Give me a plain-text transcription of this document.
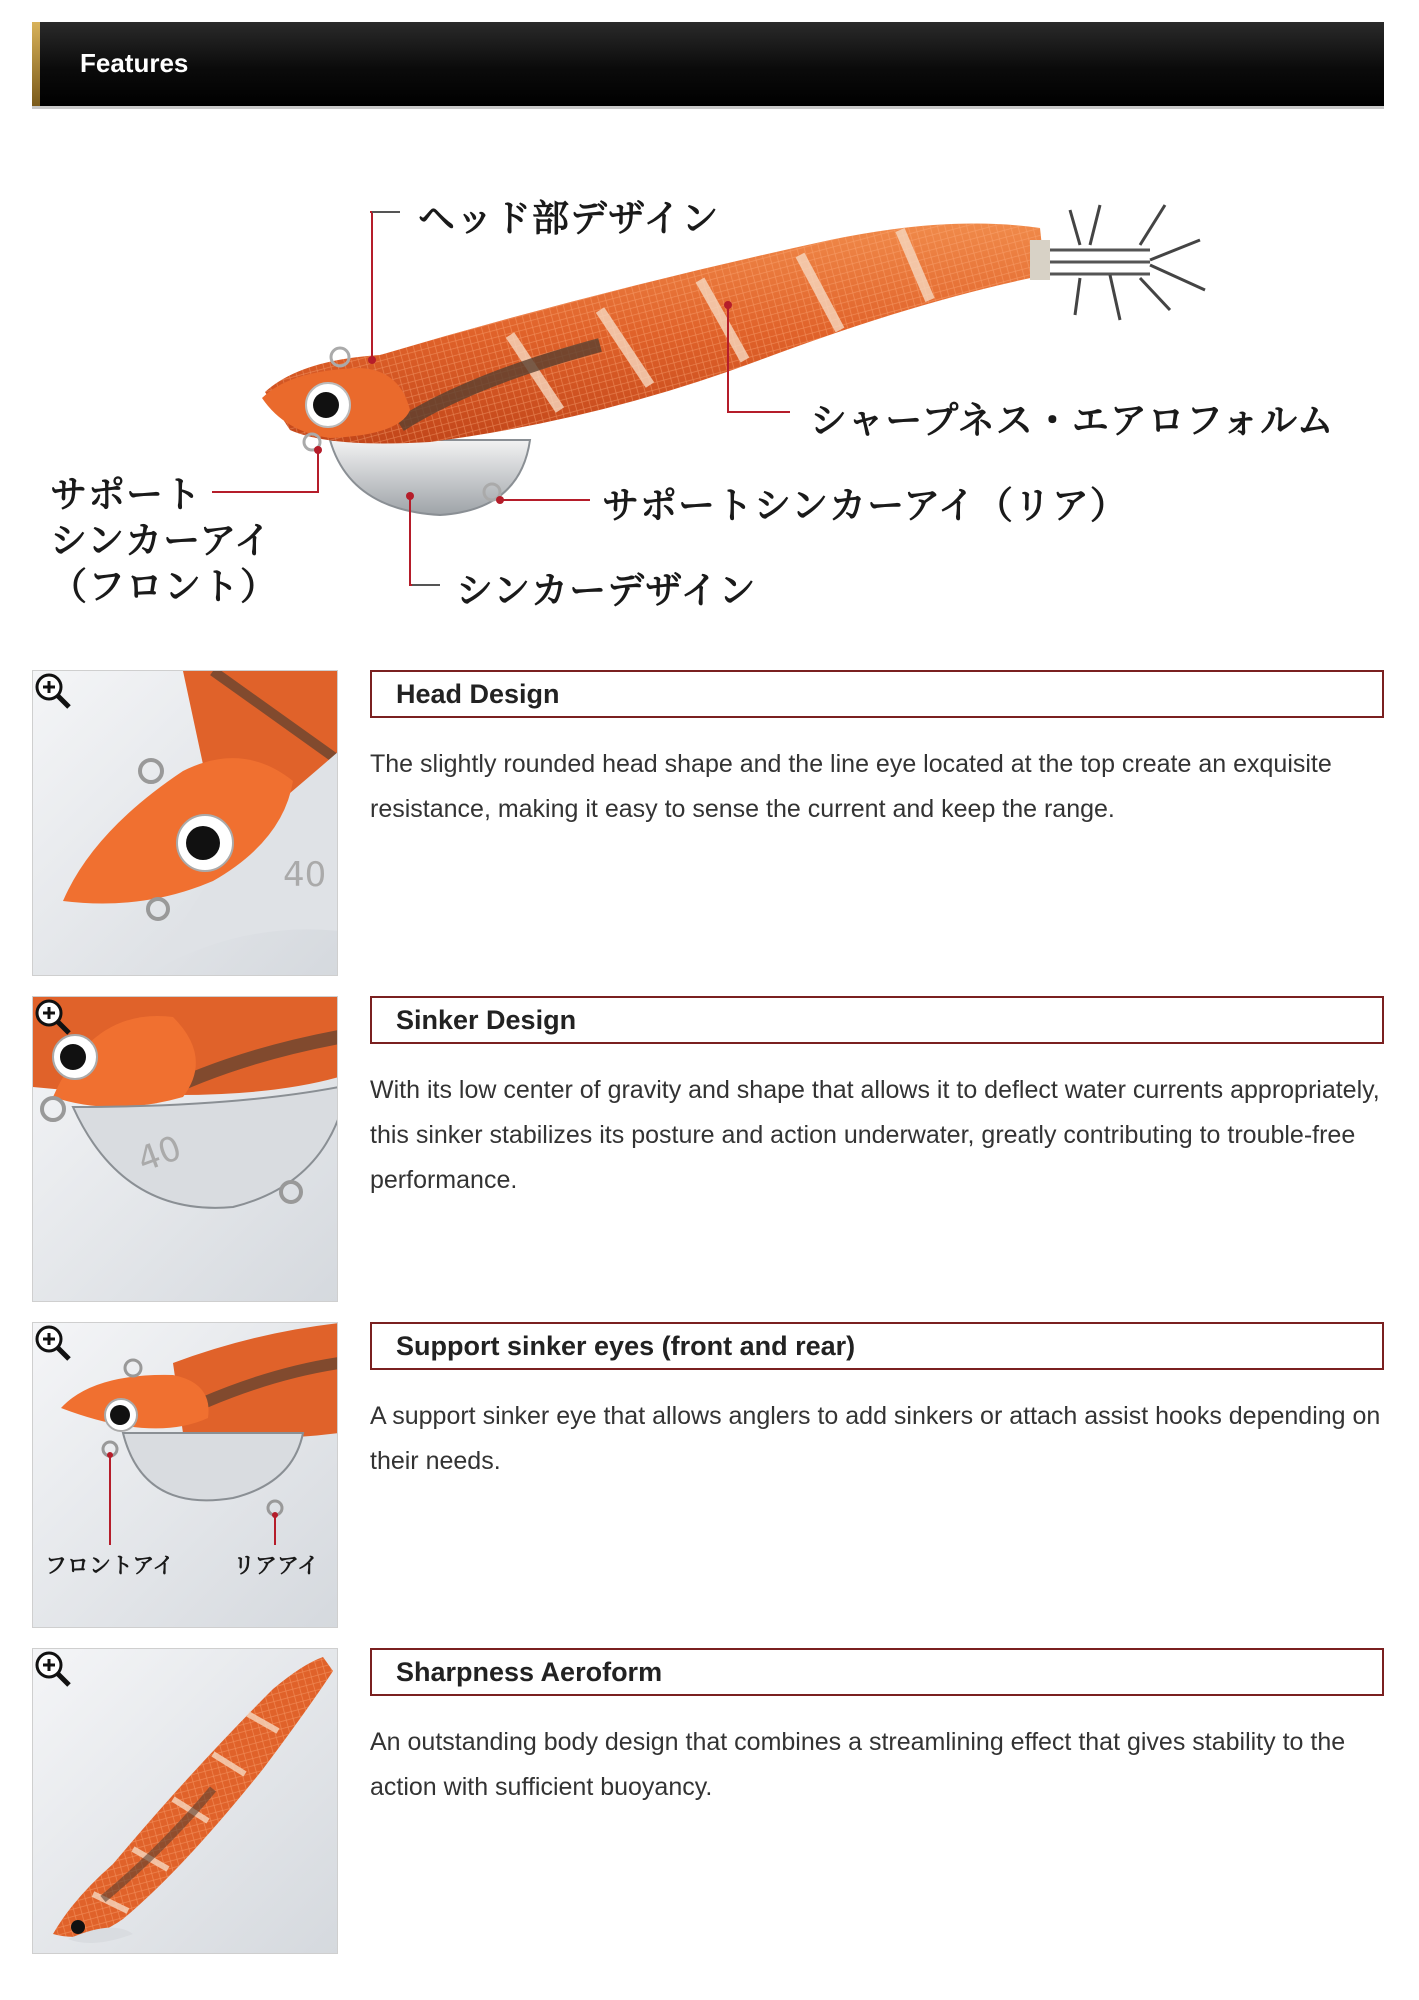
Features
ヘッド部デザイン
シャープネス・エアロフォルム
サポートシンカーアイ（リア）
サポート
シンカーアイ
（フロント）	シンカーデザイン
40
Head Design
The slightly rounded head shape and the line eye located at the top create an exquisite resistance, making it easy to sense the current and keep the range.
40
Sinker Design
With its low center of gravity and shape that allows it to deflect water currents appropriately, this sinker stabilizes its posture and action underwater, greatly contributing to trouble-free performance.
フロントアイ	リアアイ
Support sinker eyes (front and rear)
A support sinker eye that allows anglers to add sinkers or attach assist hooks depending on their needs.
Sharpness Aeroform
An outstanding body design that combines a streamlining effect that gives stability to the action with sufficient buoyancy.
